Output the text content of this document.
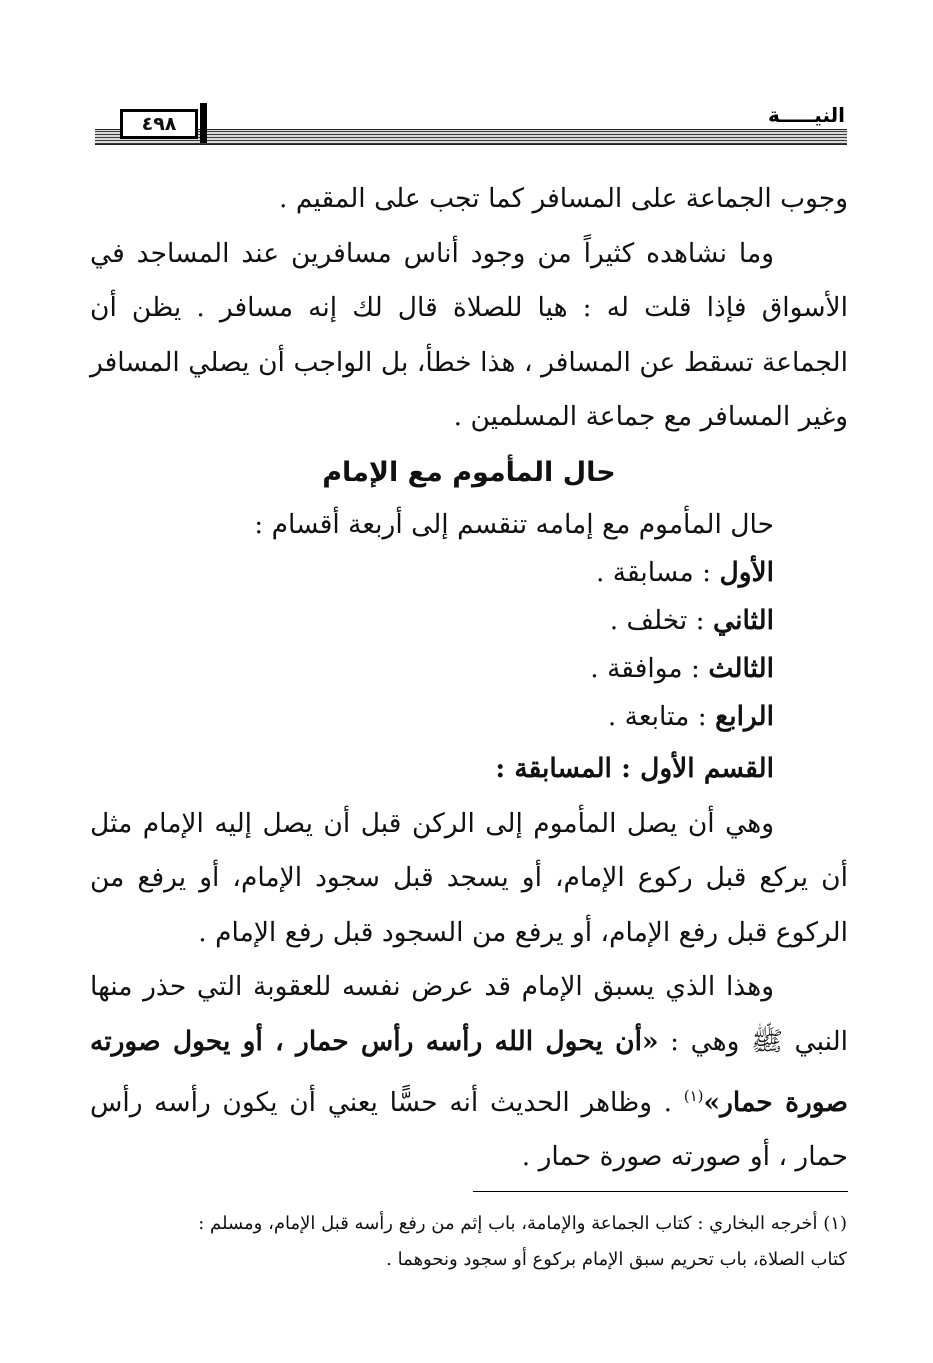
النيـــــة
٤٩٨

وجوب الجماعة على المسافر كما تجب على المقيم .

وما نشاهده كثيراً من وجود أناس مسافرين عند المساجد في الأسواق فإذا قلت له : هيا للصلاة قال لك إنه مسافر . يظن أن الجماعة تسقط عن المسافر ، هذا خطأ، بل الواجب أن يصلي المسافر وغير المسافر مع جماعة المسلمين .

حال المأموم مع الإمام

حال المأموم مع إمامه تنقسم إلى أربعة أقسام :

الأول : مسابقة .

الثاني : تخلف .

الثالث : موافقة .

الرابع : متابعة .

القسم الأول : المسابقة :

وهي أن يصل المأموم إلى الركن قبل أن يصل إليه الإمام مثل أن يركع قبل ركوع الإمام، أو يسجد قبل سجود الإمام، أو يرفع من الركوع قبل رفع الإمام، أو يرفع من السجود قبل رفع الإمام .

وهذا الذي يسبق الإمام قد عرض نفسه للعقوبة التي حذر منها النبي ﷺ وهي : «أن يحول الله رأسه رأس حمار ، أو يحول صورته صورة حمار»$^{(١)}$ . وظاهر الحديث أنه حسًّا يعني أن يكون رأسه رأس حمار ، أو صورته صورة حمار .

(١) أخرجه البخاري : كتاب الجماعة والإمامة، باب إثم من رفع رأسه قبل الإمام، ومسلم :
كتاب الصلاة، باب تحريم سبق الإمام بركوع أو سجود ونحوهما .
